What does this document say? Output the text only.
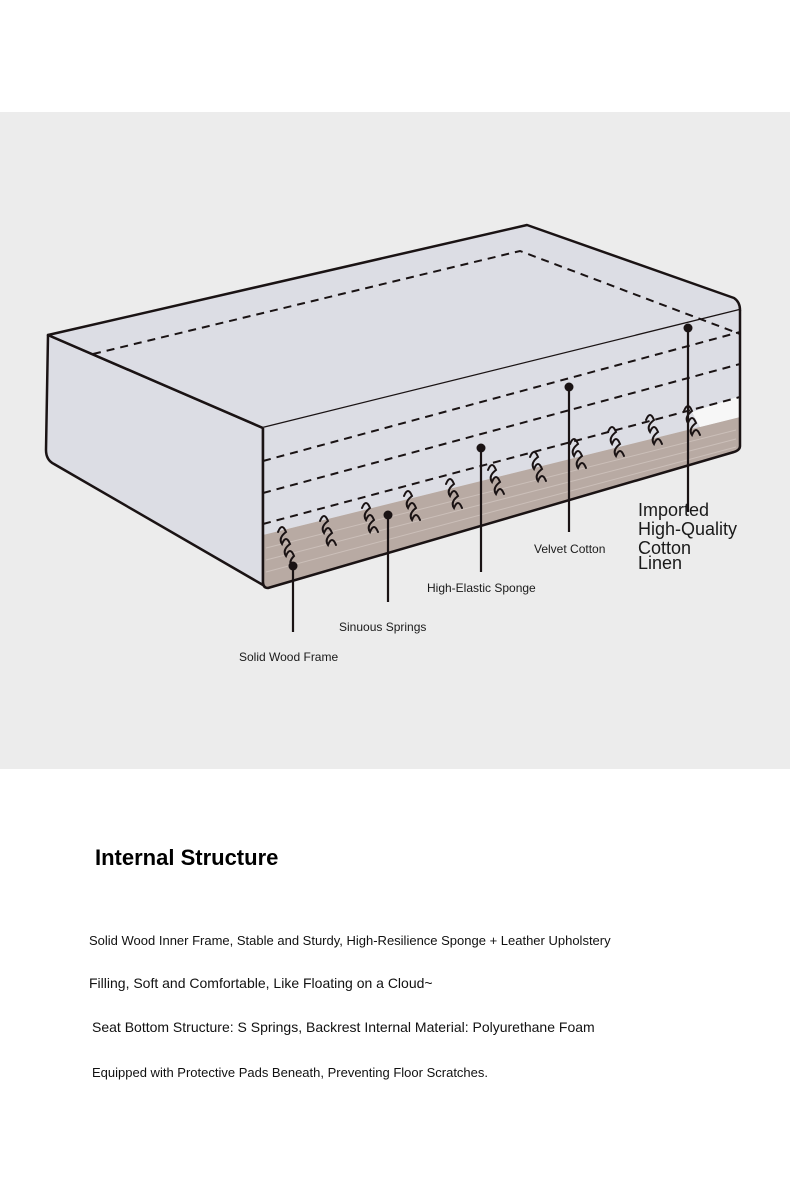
Solid Wood Frame
Sinuous Springs
High-Elastic Sponge
Velvet Cotton
Imported
High-Quality
Cotton
Linen
Internal Structure
Solid Wood Inner Frame, Stable and Sturdy, High-Resilience Sponge + Leather Upholstery
Filling, Soft and Comfortable, Like Floating on a Cloud~
Seat Bottom Structure: S Springs, Backrest Internal Material: Polyurethane Foam
Equipped with Protective Pads Beneath, Preventing Floor Scratches.
